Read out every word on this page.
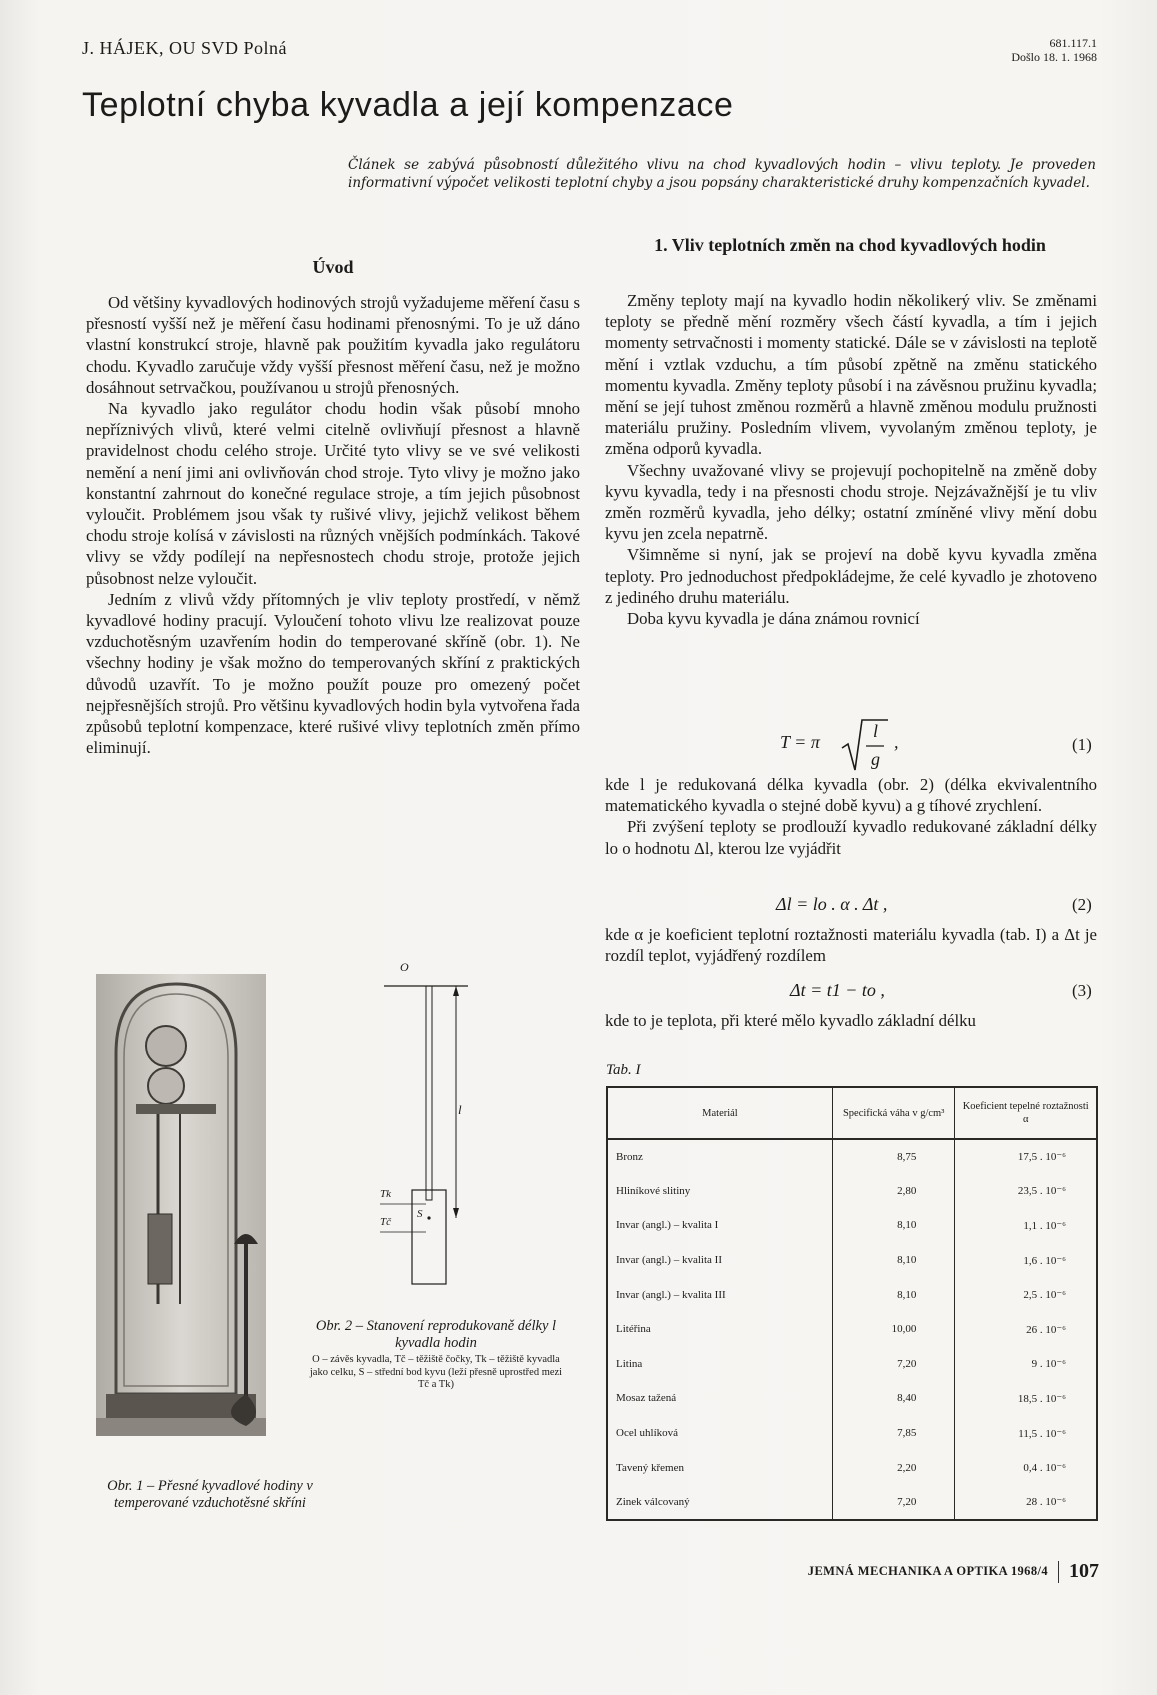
J. HÁJEK, OU SVD Polná	681.117.1
Došlo 18. 1. 1968
Teplotní chyba kyvadla a její kompenzace

Článek se zabývá působností důležitého vlivu na chod kyvadlových hodin – vlivu teploty. Je proveden informativní výpočet velikosti teplotní chyby a jsou popsány charakteristické druhy kompenzačních kyvadel.

Úvod

Od většiny kyvadlových hodinových strojů vyžadujeme měření času s přesností vyšší než je měření času hodinami přenosnými. To je už dáno vlastní konstrukcí stroje, hlavně pak použitím kyvadla jako regulátoru chodu. Kyvadlo zaručuje vždy vyšší přesnost měření času, než je možno dosáhnout setrvačkou, používanou u strojů přenosných.

Na kyvadlo jako regulátor chodu hodin však působí mnoho nepříznivých vlivů, které velmi citelně ovlivňují přesnost a hlavně pravidelnost chodu celého stroje. Určité tyto vlivy se ve své velikosti nemění a není jimi ani ovlivňován chod stroje. Tyto vlivy je možno jako konstantní zahrnout do konečné regulace stroje, a tím jejich působnost vyloučit. Problémem jsou však ty rušivé vlivy, jejichž velikost během chodu stroje kolísá v závislosti na různých vnějších podmínkách. Takové vlivy se vždy podílejí na nepřesnostech chodu stroje, protože jejich působnost nelze vyloučit.

Jedním z vlivů vždy přítomných je vliv teploty prostředí, v němž kyvadlové hodiny pracují. Vyloučení tohoto vlivu lze realizovat pouze vzduchotěsným uzavřením hodin do temperované skříně (obr. 1). Ne všechny hodiny je však možno do temperovaných skříní z praktických důvodů uzavřít. To je možno použít pouze pro omezený počet nejpřesnějších strojů. Pro většinu kyvadlových hodin byla vytvořena řada způsobů teplotní kompenzace, které rušivé vlivy teplotních změn přímo eliminují.

1. Vliv teplotních změn na chod kyvadlových hodin

Změny teploty mají na kyvadlo hodin několikerý vliv. Se změnami teploty se předně mění rozměry všech částí kyvadla, a tím i jejich momenty setrvačnosti i momenty statické. Dále se v závislosti na teplotě mění i vztlak vzduchu, a tím působí zpětně na změnu statického momentu kyvadla. Změny teploty působí i na závěsnou pružinu kyvadla; mění se její tuhost změnou rozměrů a hlavně změnou modulu pružnosti materiálu pružiny. Posledním vlivem, vyvolaným změnou teploty, je změna odporů kyvadla.

Všechny uvažované vlivy se projevují pochopitelně na změně doby kyvu kyvadla, tedy i na přesnosti chodu stroje. Nejzávažnější je tu vliv změn rozměrů kyvadla, jeho délky; ostatní zmíněné vlivy mění dobu kyvu jen zcela nepatrně.

Všimněme si nyní, jak se projeví na době kyvu kyvadla změna teploty. Pro jednoduchost předpokládejme, že celé kyvadlo je zhotoveno z jediného druhu materiálu.

Doba kyvu kyvadla je dána známou rovnicí

T = π
l
g
,	(1)

kde l je redukovaná délka kyvadla (obr. 2) (délka ekvivalentního matematického kyvadla o stejné době kyvu) a g tíhové zrychlení.

Při zvýšení teploty se prodlouží kyvadlo redukované základní délky lo o hodnotu Δl, kterou lze vyjádřit

Δl = lo . α . Δt ,	(2)

kde α je koeficient teplotní roztažnosti materiálu kyvadla (tab. I) a Δt je rozdíl teplot, vyjádřený rozdílem

Δt = t1 − to ,	(3)

kde to je teplota, při které mělo kyvadlo základní délku

Tab. I
Materiál	Specifická váha v g/cm³	Koeficient tepelné roztažnosti α
Bronz	8,75	17,5 . 10⁻⁶
Hliníkové slitiny	2,80	23,5 . 10⁻⁶
Invar (angl.) – kvalita I	8,10	1,1 . 10⁻⁶
Invar (angl.) – kvalita II	8,10	1,6 . 10⁻⁶
Invar (angl.) – kvalita III	8,10	2,5 . 10⁻⁶
Litéřina	10,00	26 . 10⁻⁶
Litina	7,20	9 . 10⁻⁶
Mosaz tažená	8,40	18,5 . 10⁻⁶
Ocel uhlíková	7,85	11,5 . 10⁻⁶
Tavený křemen	2,20	0,4 . 10⁻⁶
Zinek válcovaný	7,20	28 . 10⁻⁶
Obr. 1 – Přesné kyvadlové hodiny v temperované vzduchotěsné skříni
O
l
Tk
Tč
S
Obr. 2 – Stanovení reprodukovaně délky l kyvadla hodin
O – závěs kyvadla, Tč – těžiště čočky, Tk – těžiště kyvadla jako celku, S – střední bod kyvu (leží přesně uprostřed mezi Tč a Tk)
JEMNÁ MECHANIKA A OPTIKA 1968/4 107
